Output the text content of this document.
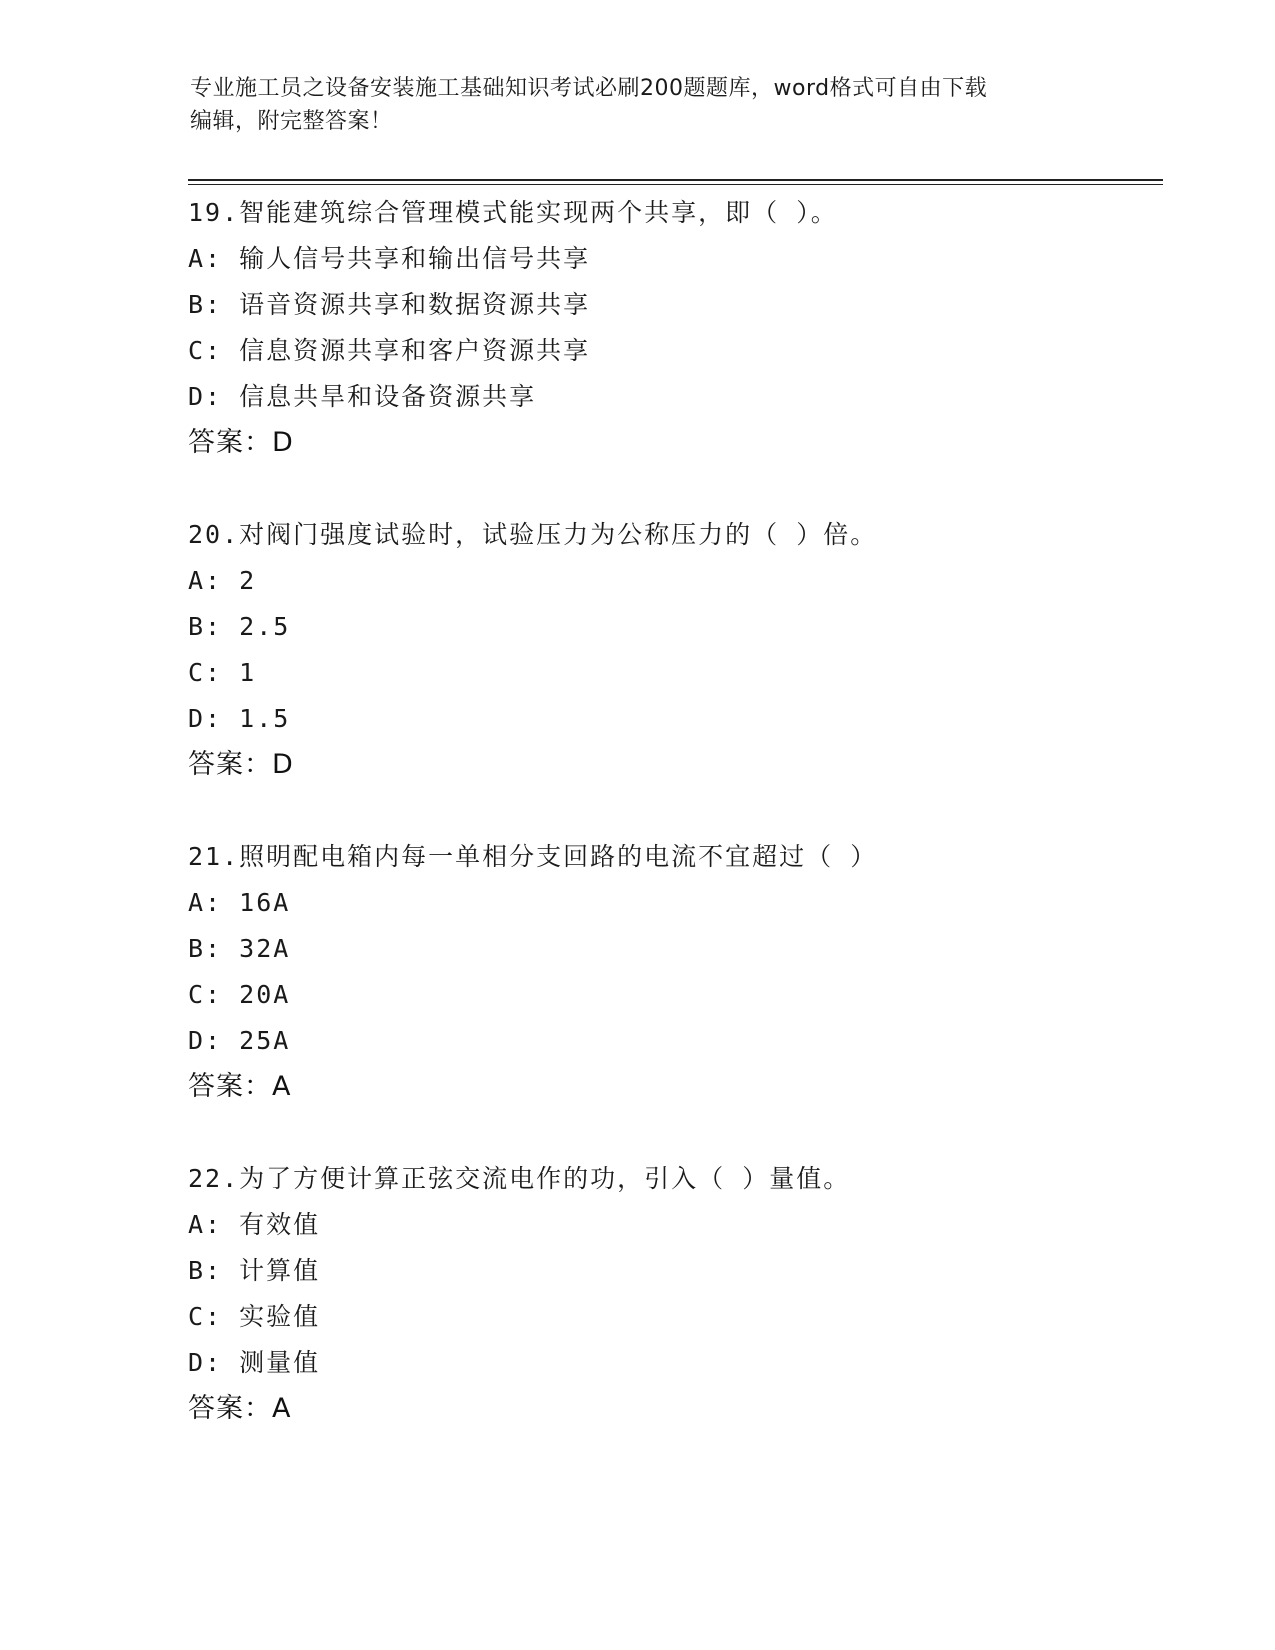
专业施工员之设备安装施工基础知识考试必刷200题题库，word格式可自由下载
编辑，附完整答案！
19.智能建筑综合管理模式能实现两个共享，即（ ）。
A: 输人信号共享和输出信号共享
B: 语音资源共享和数据资源共享
C: 信息资源共享和客户资源共享
D: 信息共旱和设备资源共享
答案：D
20.对阀门强度试验时，试验压力为公称压力的（ ）倍。
A: 2
B: 2.5
C: 1
D: 1.5
答案：D
21.照明配电箱内每一单相分支回路的电流不宜超过（ ）
A: 16A
B: 32A
C: 20A
D: 25A
答案：A
22.为了方便计算正弦交流电作的功，引入（ ）量值。
A: 有效值
B: 计算值
C: 实验值
D: 测量值
答案：A
